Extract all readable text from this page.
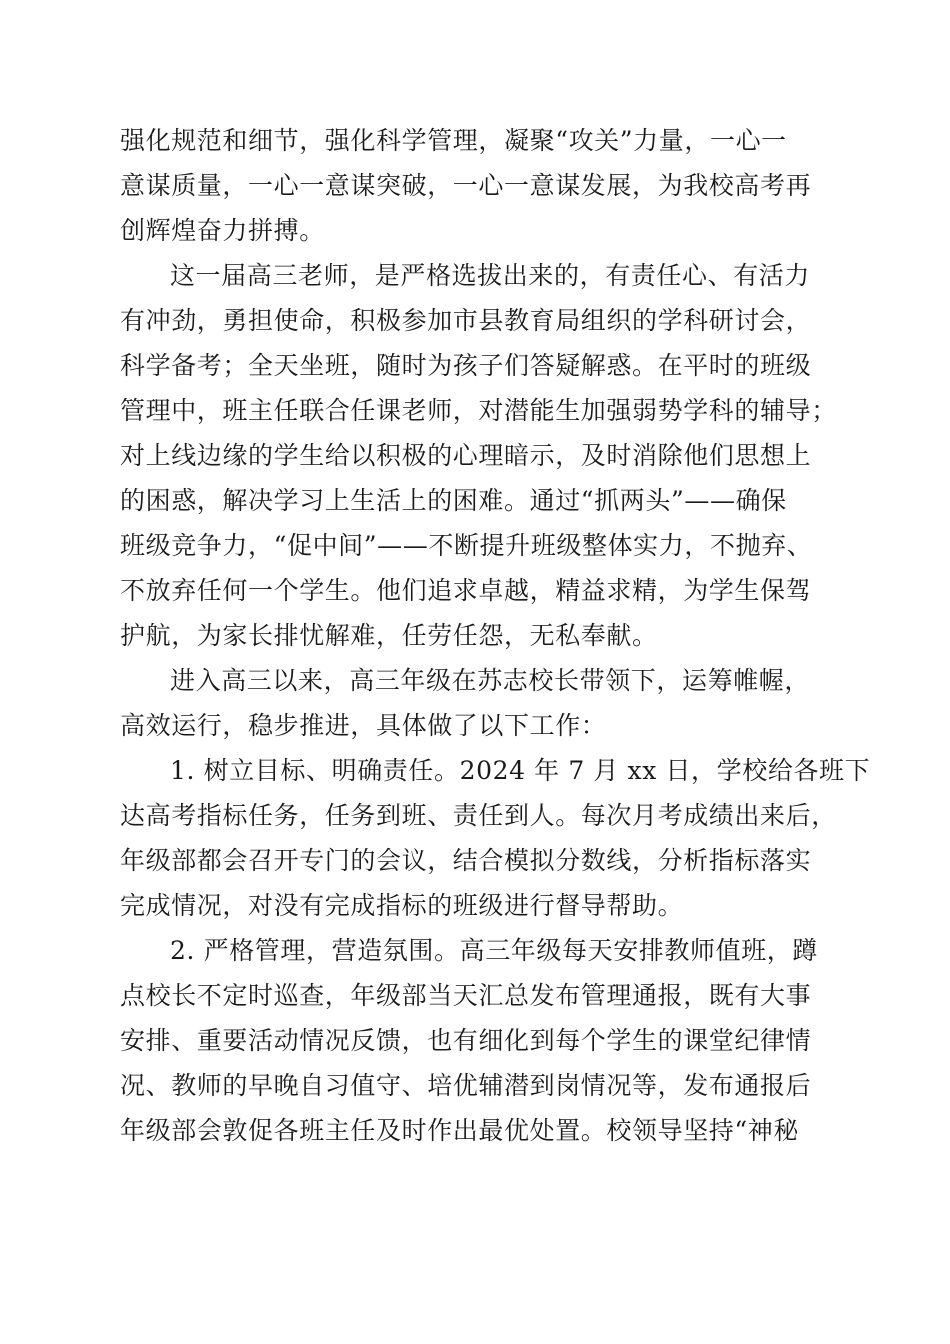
强化规范和细节，强化科学管理，凝聚“攻关”力量，一心一
意谋质量，一心一意谋突破，一心一意谋发展，为我校高考再
创辉煌奋力拼搏。
这一届高三老师，是严格选拔出来的，有责任心、有活力
有冲劲，勇担使命，积极参加市县教育局组织的学科研讨会，
科学备考；全天坐班，随时为孩子们答疑解惑。在平时的班级
管理中，班主任联合任课老师，对潜能生加强弱势学科的辅导；
对上线边缘的学生给以积极的心理暗示，及时消除他们思想上
的困惑，解决学习上生活上的困难。通过“抓两头”——确保
班级竞争力，“促中间”——不断提升班级整体实力，不抛弃、
不放弃任何一个学生。他们追求卓越，精益求精，为学生保驾
护航，为家长排忧解难，任劳任怨，无私奉献。
进入高三以来，高三年级在苏志校长带领下，运筹帷幄，
高效运行，稳步推进，具体做了以下工作：
1. 树立目标、明确责任。2024 年 7 月 xx 日，学校给各班下
达高考指标任务，任务到班、责任到人。每次月考成绩出来后，
年级部都会召开专门的会议，结合模拟分数线，分析指标落实
完成情况，对没有完成指标的班级进行督导帮助。
2. 严格管理，营造氛围。高三年级每天安排教师值班，蹲
点校长不定时巡查，年级部当天汇总发布管理通报，既有大事
安排、重要活动情况反馈，也有细化到每个学生的课堂纪律情
况、教师的早晚自习值守、培优辅潜到岗情况等，发布通报后
年级部会敦促各班主任及时作出最优处置。校领导坚持“神秘
